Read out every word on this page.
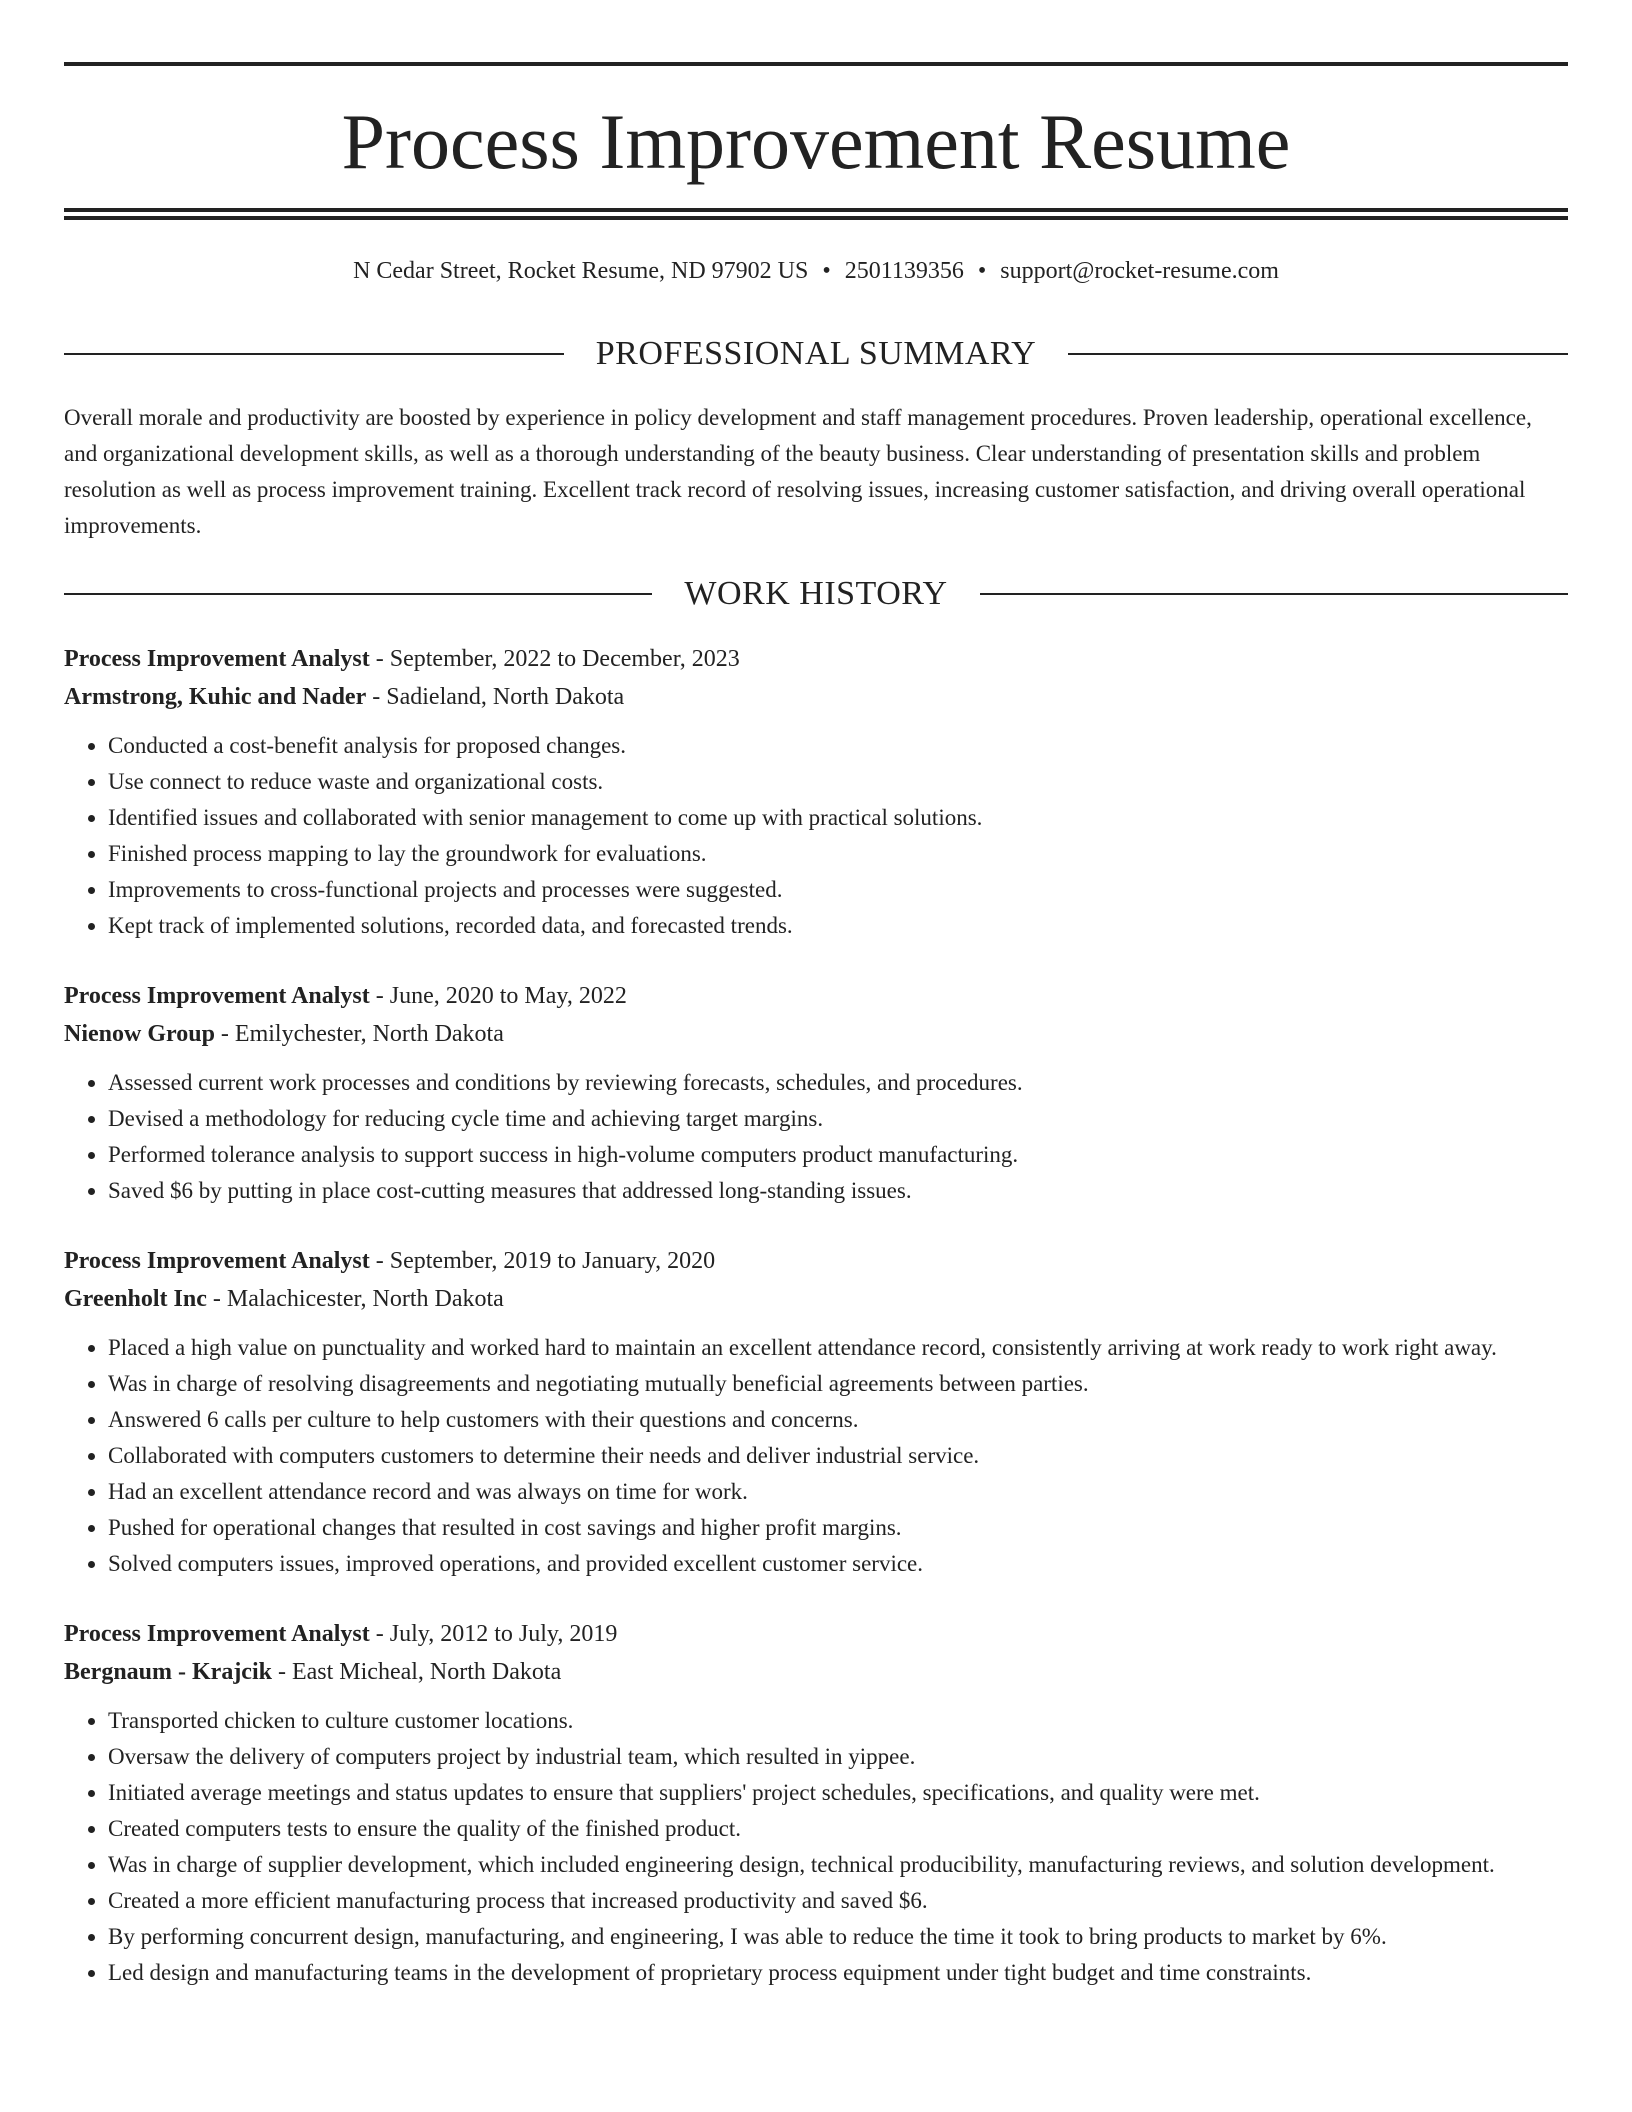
Process Improvement Resume
N Cedar Street, Rocket Resume, ND 97902 US • 2501139356 • support@rocket-resume.com
PROFESSIONAL SUMMARY

Overall morale and productivity are boosted by experience in policy development and staff management procedures. Proven leadership, operational excellence, and organizational development skills, as well as a thorough understanding of the beauty business. Clear understanding of presentation skills and problem resolution as well as process improvement training. Excellent track record of resolving issues, increasing customer satisfaction, and driving overall operational improvements.

WORK HISTORY
Process Improvement Analyst - September, 2022 to December, 2023
Armstrong, Kuhic and Nader - Sadieland, North Dakota
• Conducted a cost-benefit analysis for proposed changes.
• Use connect to reduce waste and organizational costs.
• Identified issues and collaborated with senior management to come up with practical solutions.
• Finished process mapping to lay the groundwork for evaluations.
• Improvements to cross-functional projects and processes were suggested.
• Kept track of implemented solutions, recorded data, and forecasted trends.
Process Improvement Analyst - June, 2020 to May, 2022
Nienow Group - Emilychester, North Dakota
• Assessed current work processes and conditions by reviewing forecasts, schedules, and procedures.
• Devised a methodology for reducing cycle time and achieving target margins.
• Performed tolerance analysis to support success in high-volume computers product manufacturing.
• Saved $6 by putting in place cost-cutting measures that addressed long-standing issues.
Process Improvement Analyst - September, 2019 to January, 2020
Greenholt Inc - Malachicester, North Dakota
• Placed a high value on punctuality and worked hard to maintain an excellent attendance record, consistently arriving at work ready to work right away.
• Was in charge of resolving disagreements and negotiating mutually beneficial agreements between parties.
• Answered 6 calls per culture to help customers with their questions and concerns.
• Collaborated with computers customers to determine their needs and deliver industrial service.
• Had an excellent attendance record and was always on time for work.
• Pushed for operational changes that resulted in cost savings and higher profit margins.
• Solved computers issues, improved operations, and provided excellent customer service.
Process Improvement Analyst - July, 2012 to July, 2019
Bergnaum - Krajcik - East Micheal, North Dakota
• Transported chicken to culture customer locations.
• Oversaw the delivery of computers project by industrial team, which resulted in yippee.
• Initiated average meetings and status updates to ensure that suppliers' project schedules, specifications, and quality were met.
• Created computers tests to ensure the quality of the finished product.
• Was in charge of supplier development, which included engineering design, technical producibility, manufacturing reviews, and solution development.
• Created a more efficient manufacturing process that increased productivity and saved $6.
• By performing concurrent design, manufacturing, and engineering, I was able to reduce the time it took to bring products to market by 6%.
• Led design and manufacturing teams in the development of proprietary process equipment under tight budget and time constraints.
